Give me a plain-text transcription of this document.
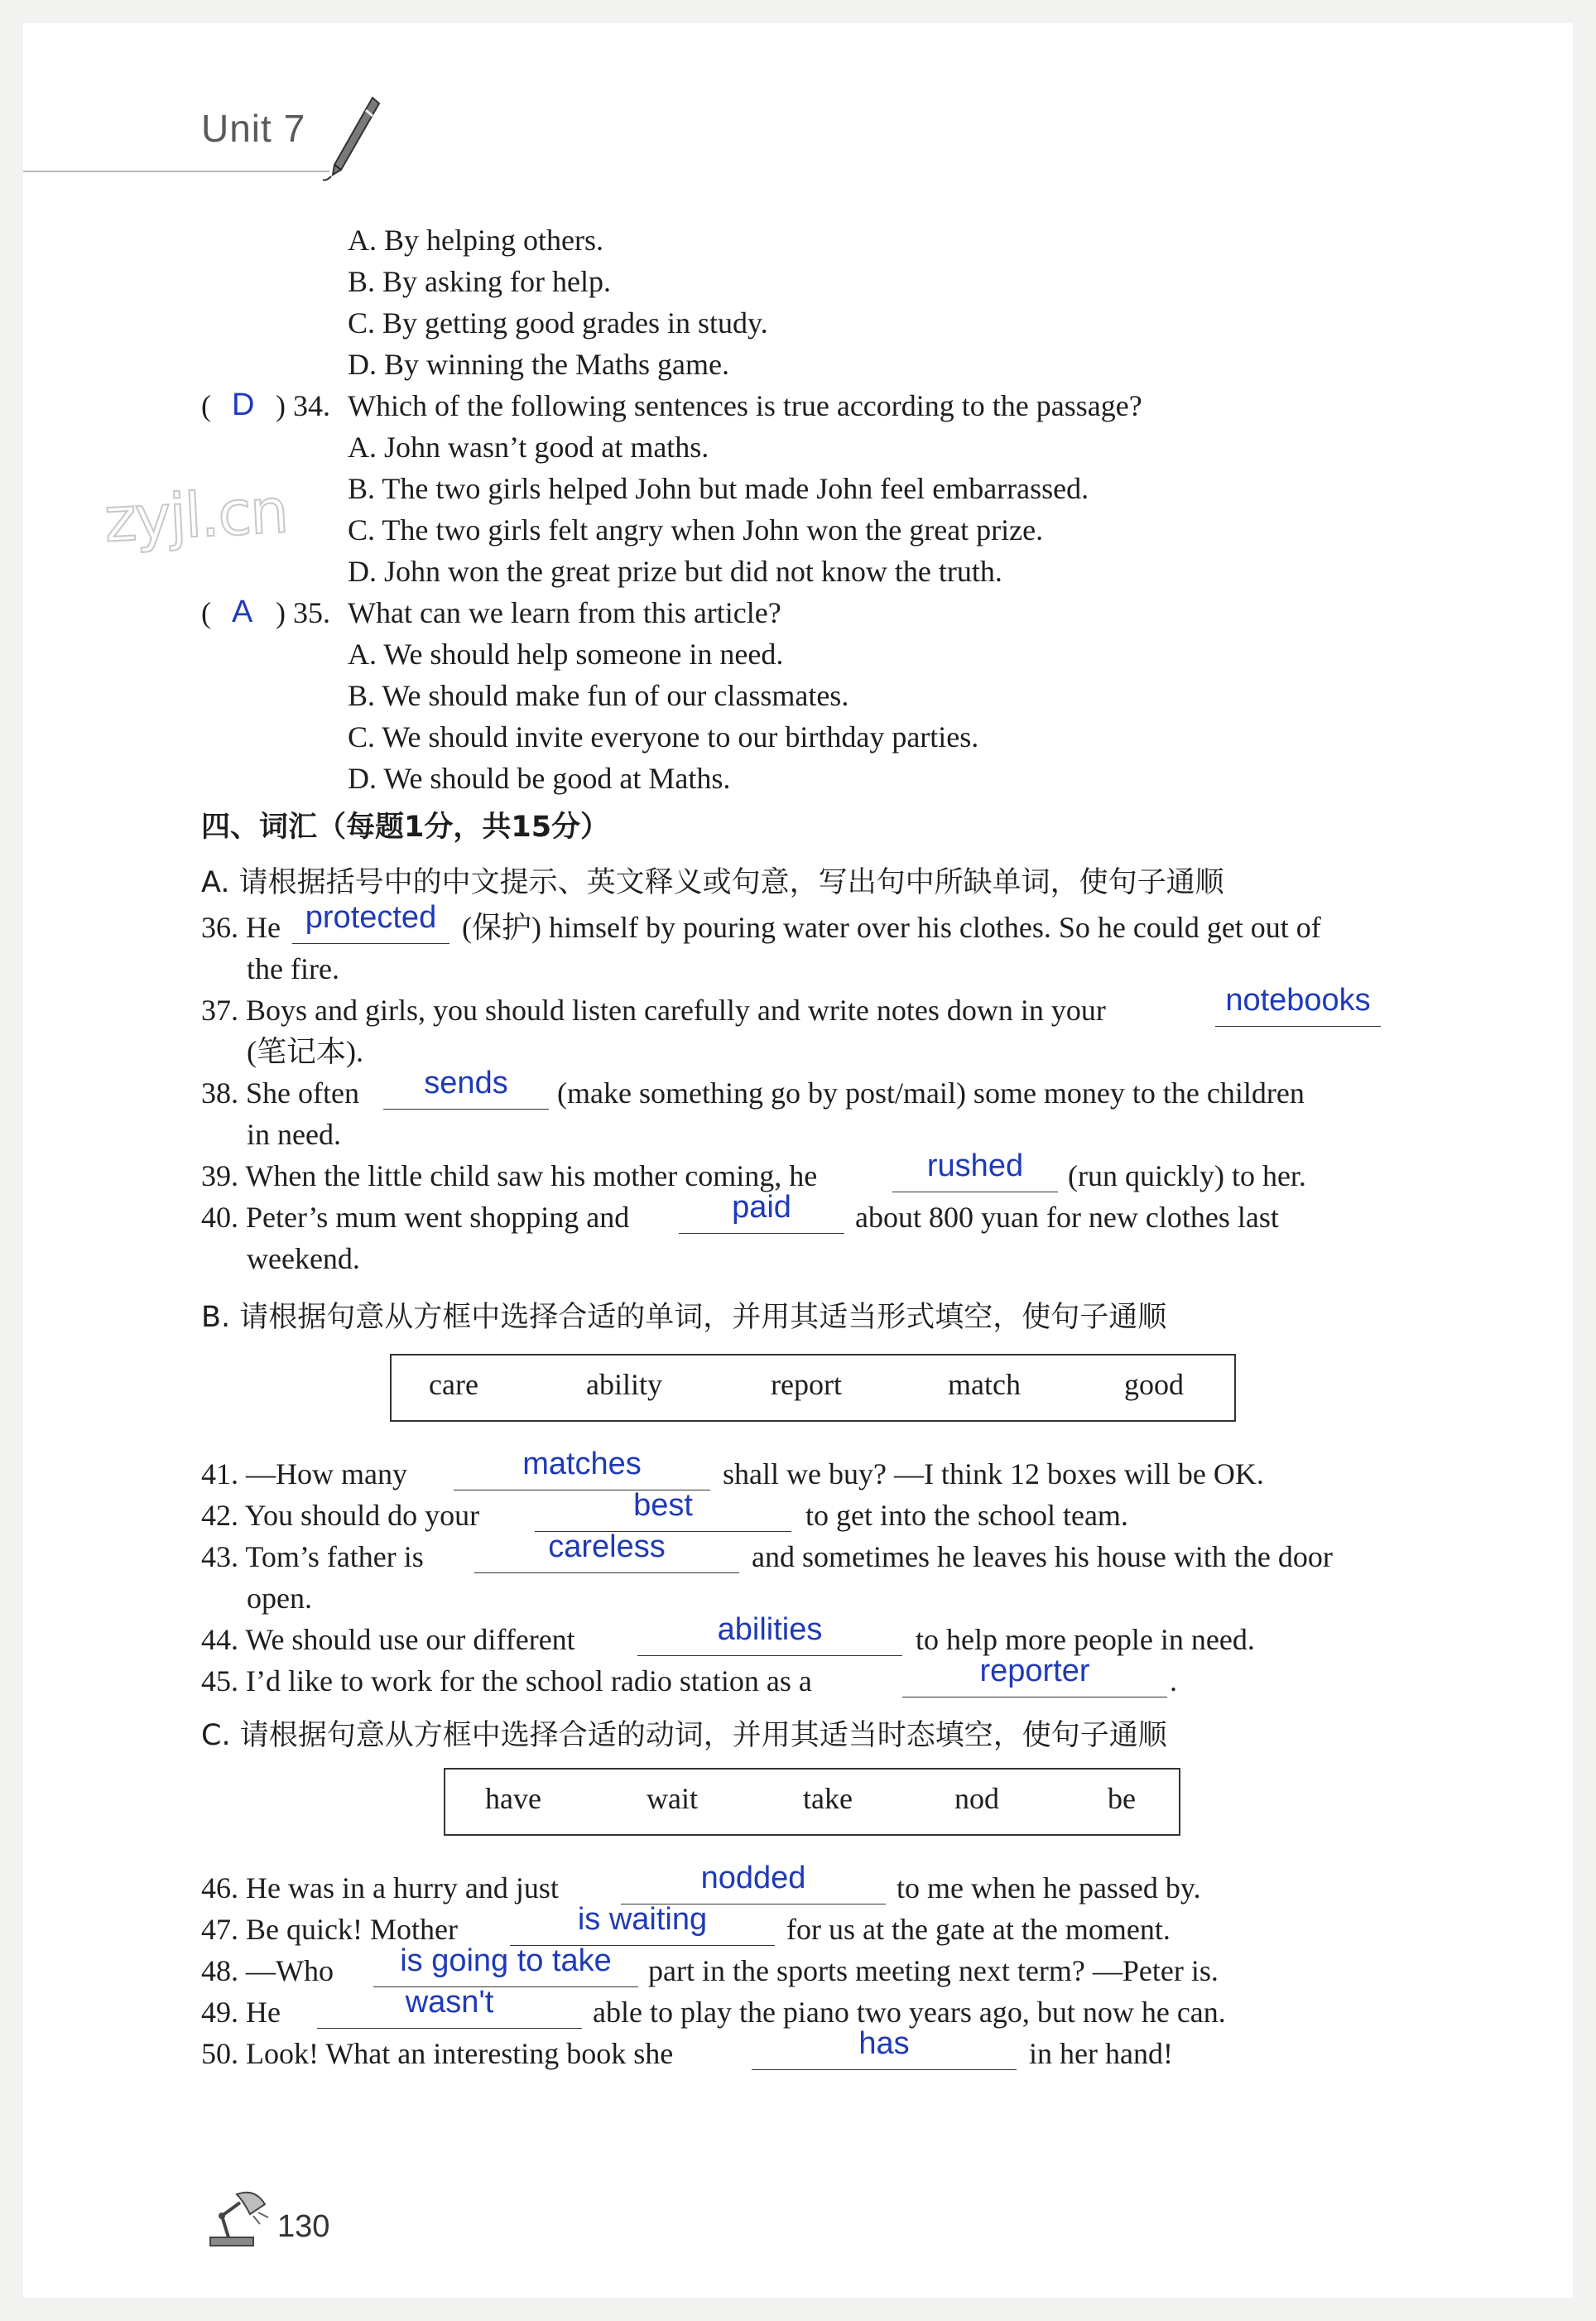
Unit 7
zyjl.cn
A. By helping others.
B. By asking for help.
C. By getting good grades in study.
D. By winning the Maths game.
( D ) 34. Which of the following sentences is true according to the passage?
A. John wasn’t good at maths.
B. The two girls helped John but made John feel embarrassed.
C. The two girls felt angry when John won the great prize.
D. John won the great prize but did not know the truth.
( A ) 35. What can we learn from this article?
A. We should help someone in need.
B. We should make fun of our classmates.
C. We should invite everyone to our birthday parties.
D. We should be good at Maths.
四、词汇（每题1分，共15分）
A. 请根据括号中的中文提示、英文释义或句意，写出句中所缺单词，使句子通顺
36. He protected (保护) himself by pouring water over his clothes. So he could get out of
the fire.
37. Boys and girls, you should listen carefully and write notes down in your	notebooks
(笔记本).
38. She often	sends	(make something go by post/mail) some money to the children
in need.
39. When the little child saw his mother coming, he	rushed	(run quickly) to her.
40. Peter’s mum went shopping and	paid	about 800 yuan for new clothes last
weekend.
B. 请根据句意从方框中选择合适的单词，并用其适当形式填空，使句子通顺
care	ability	report	match	good
41. —How many	matches	shall we buy? —I think 12 boxes will be OK.
42. You should do your	best	to get into the school team.
43. Tom’s father is	careless	and sometimes he leaves his house with the door
open.
44. We should use our different	abilities	to help more people in need.
45. I’d like to work for the school radio station as a	reporter	.
C. 请根据句意从方框中选择合适的动词，并用其适当时态填空，使句子通顺
have	wait	take	nod	be
46. He was in a hurry and just	nodded	to me when he passed by.
47. Be quick! Mother	is waiting	for us at the gate at the moment.
48. —Who	is going to take	part in the sports meeting next term? —Peter is.
49. He	wasn't	able to play the piano two years ago, but now he can.
50. Look! What an interesting book she	has	in her hand!
130
